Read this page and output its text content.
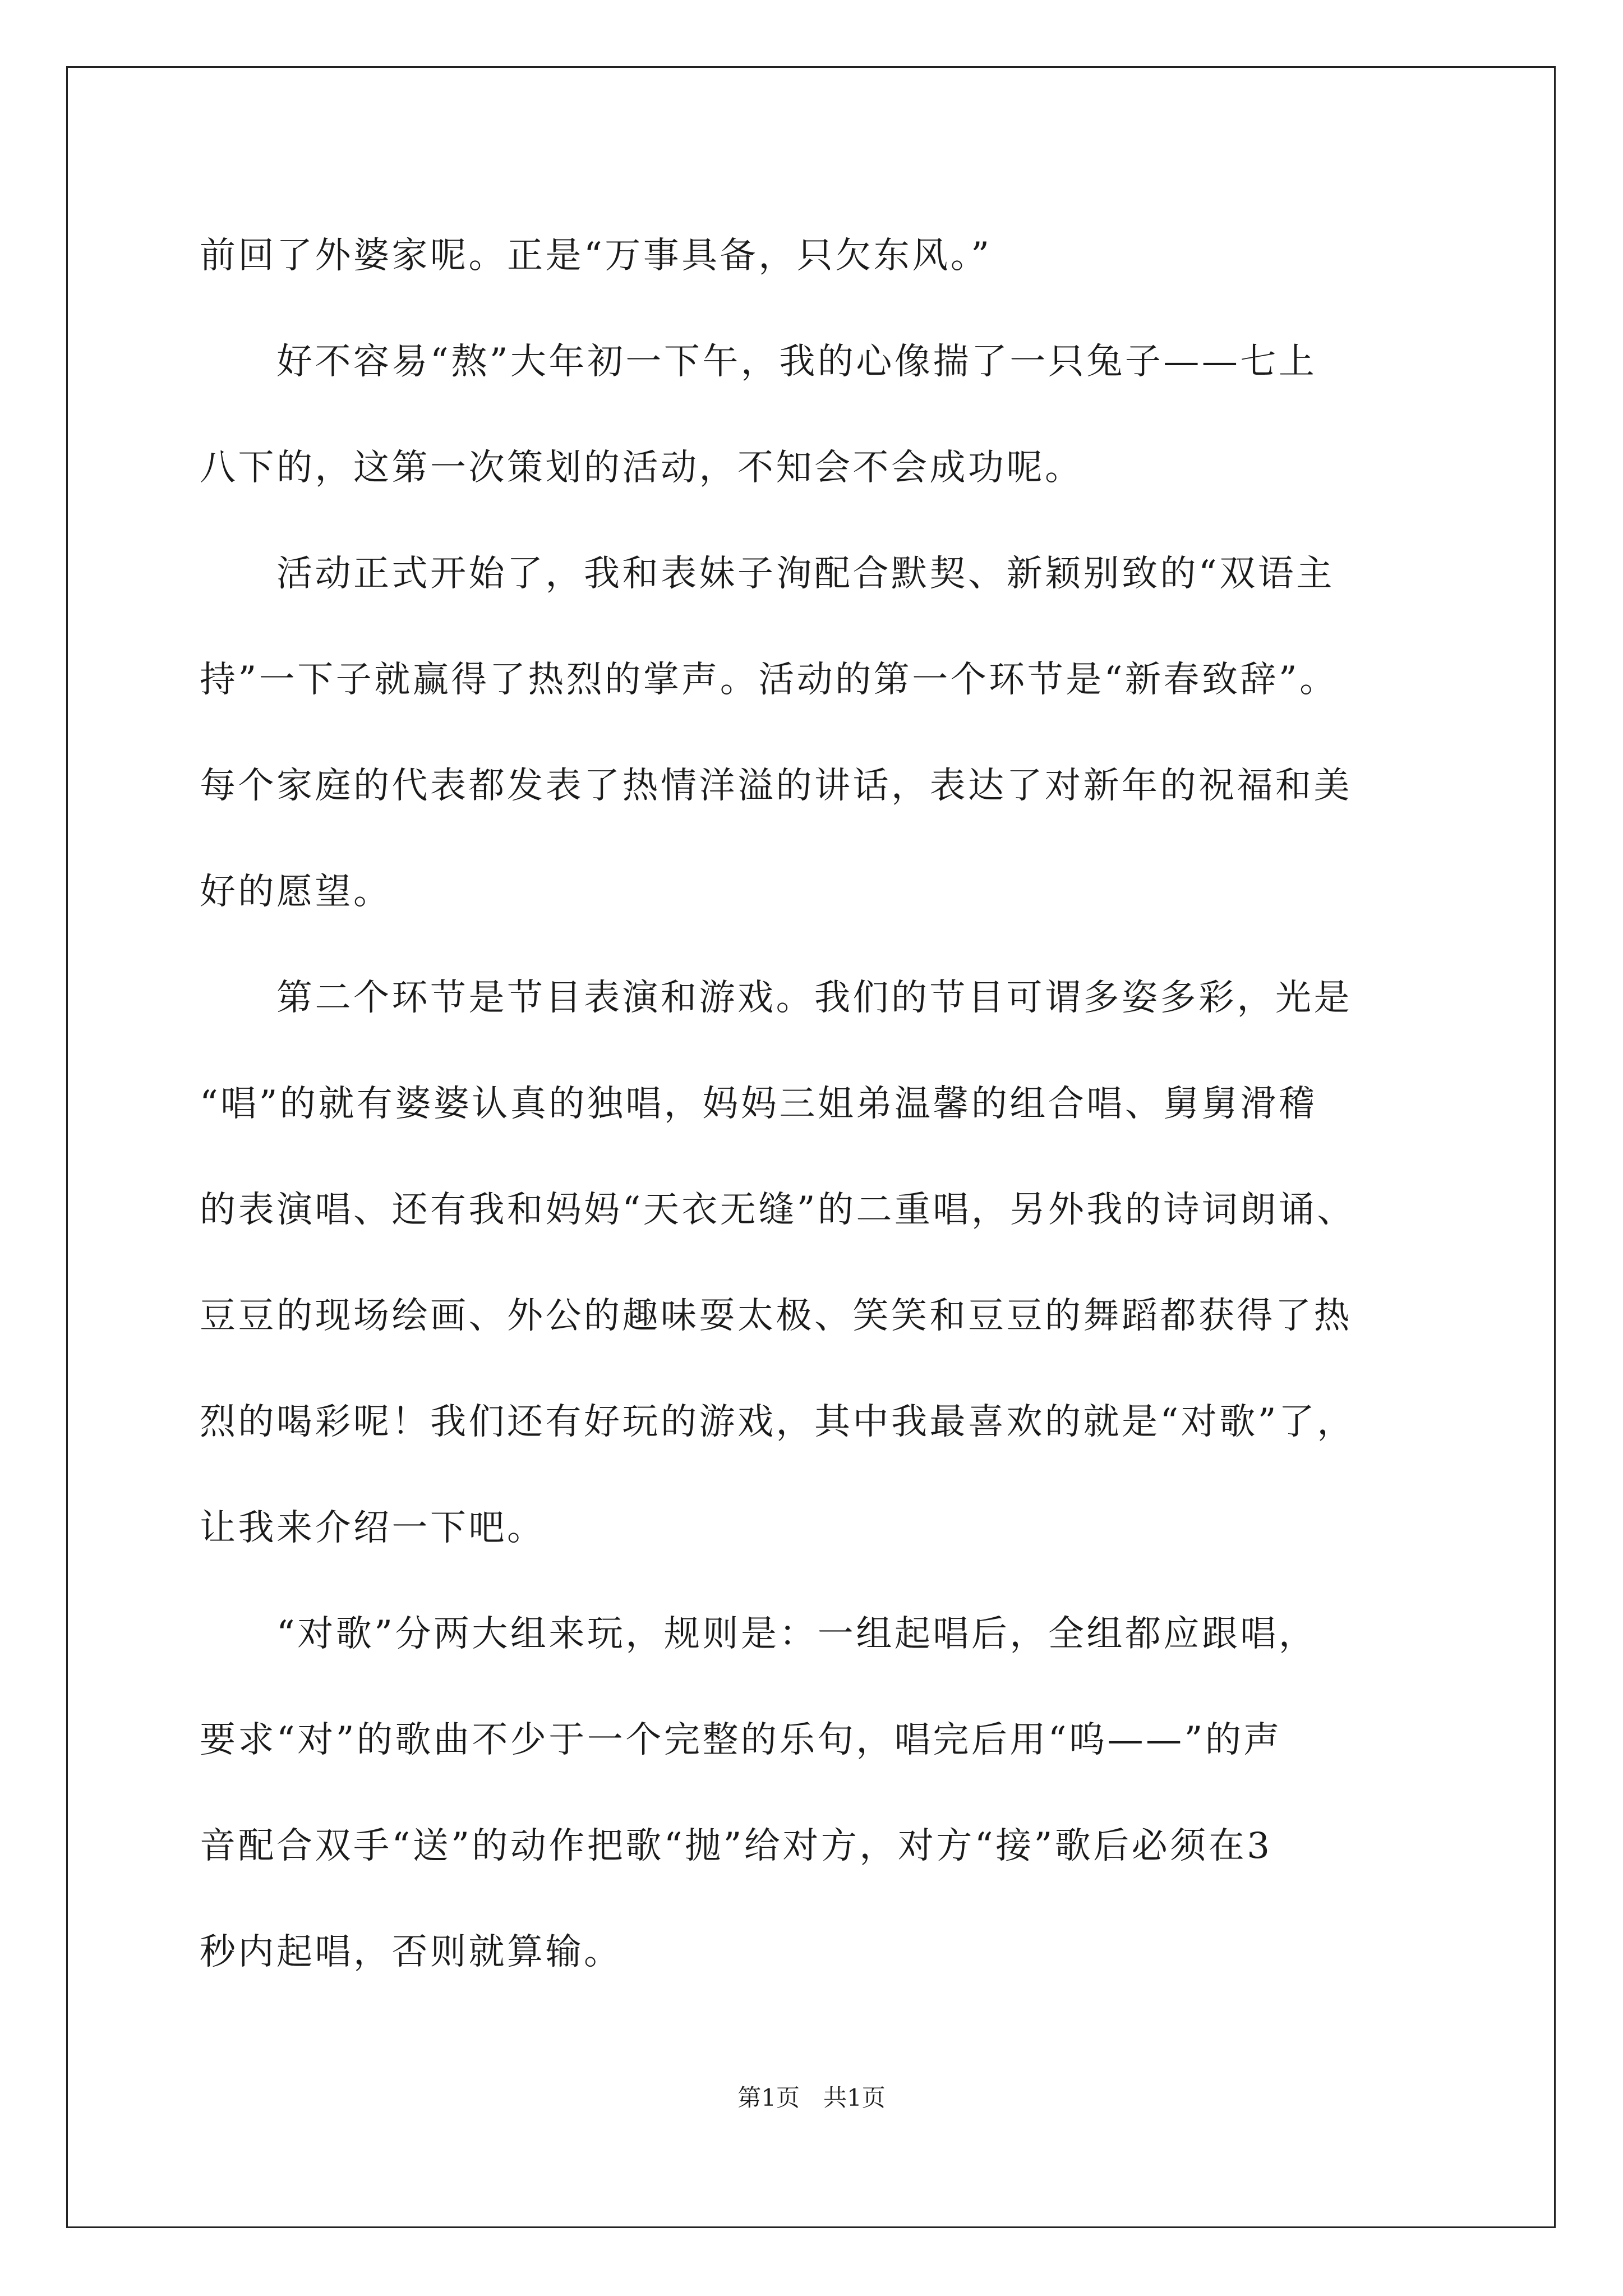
前回了外婆家呢。正是“万事具备，只欠东风。”
　　好不容易“熬”大年初一下午，我的心像揣了一只兔子——七上
八下的，这第一次策划的活动，不知会不会成功呢。
　　活动正式开始了，我和表妹子洵配合默契、新颖别致的“双语主
持”一下子就赢得了热烈的掌声。活动的第一个环节是“新春致辞”。
每个家庭的代表都发表了热情洋溢的讲话，表达了对新年的祝福和美
好的愿望。
　　第二个环节是节目表演和游戏。我们的节目可谓多姿多彩，光是
“唱”的就有婆婆认真的独唱，妈妈三姐弟温馨的组合唱、舅舅滑稽
的表演唱、还有我和妈妈“天衣无缝”的二重唱，另外我的诗词朗诵、
豆豆的现场绘画、外公的趣味耍太极、笑笑和豆豆的舞蹈都获得了热
烈的喝彩呢！我们还有好玩的游戏，其中我最喜欢的就是“对歌”了，
让我来介绍一下吧。
　　“对歌”分两大组来玩，规则是：一组起唱后，全组都应跟唱，
要求“对”的歌曲不少于一个完整的乐句，唱完后用“呜——”的声
音配合双手“送”的动作把歌“抛”给对方，对方“接”歌后必须在3
秒内起唱，否则就算输。
第1页　共1页
